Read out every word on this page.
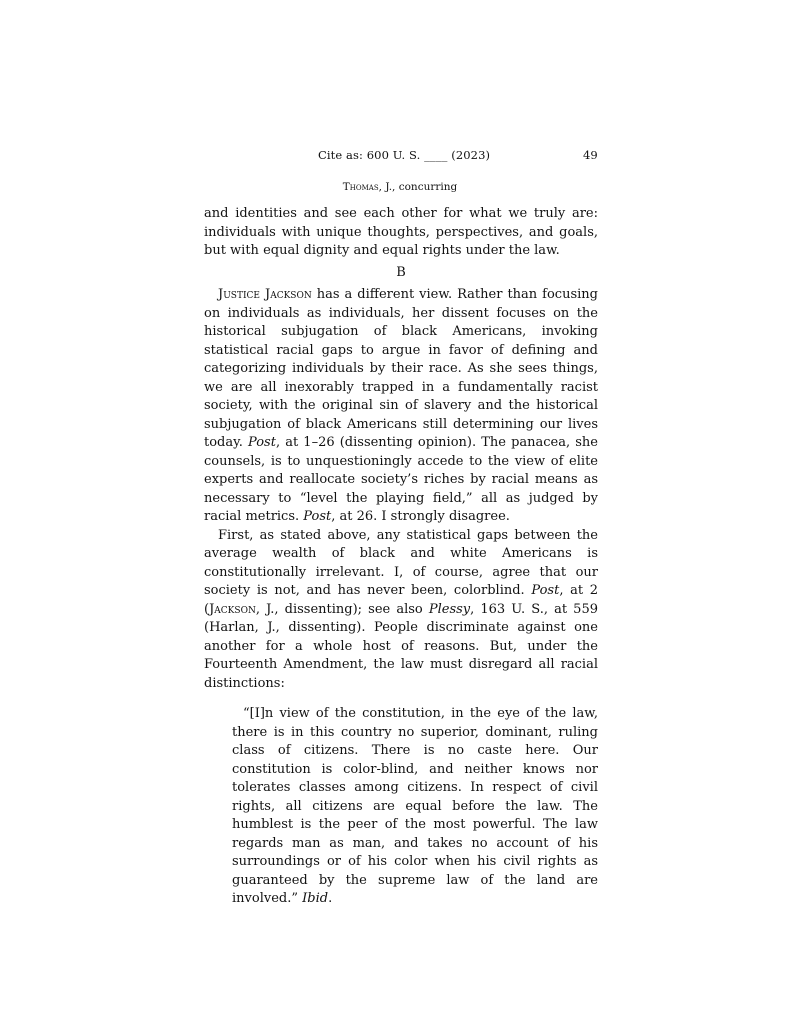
Cite as: 600 U. S. ____ (2023)	49
Thomas, J., concurring

and identities and see each other for what we truly are: individuals with unique thoughts, perspectives, and goals, but with equal dignity and equal rights under the law.

B

Justice Jackson has a different view. Rather than focusing on individuals as individuals, her dissent focuses on the historical subjugation of black Americans, invoking statistical racial gaps to argue in favor of defining and categorizing individuals by their race. As she sees things, we are all inexorably trapped in a fundamentally racist society, with the original sin of slavery and the historical subjugation of black Americans still determining our lives today. Post, at 1–26 (dissenting opinion). The panacea, she counsels, is to unquestioningly accede to the view of elite experts and reallocate society’s riches by racial means as necessary to “level the playing field,” all as judged by racial metrics. Post, at 26. I strongly disagree.

First, as stated above, any statistical gaps between the average wealth of black and white Americans is constitutionally irrelevant. I, of course, agree that our society is not, and has never been, colorblind. Post, at 2 (Jackson, J., dissenting); see also Plessy, 163 U. S., at 559 (Harlan, J., dissenting). People discriminate against one another for a whole host of reasons. But, under the Fourteenth Amendment, the law must disregard all racial distinctions:

“[I]n view of the constitution, in the eye of the law, there is in this country no superior, dominant, ruling class of citizens. There is no caste here. Our constitution is color-blind, and neither knows nor tolerates classes among citizens. In respect of civil rights, all citizens are equal before the law. The humblest is the peer of the most powerful. The law regards man as man, and takes no account of his surroundings or of his color when his civil rights as guaranteed by the supreme law of the land are involved.” Ibid.
